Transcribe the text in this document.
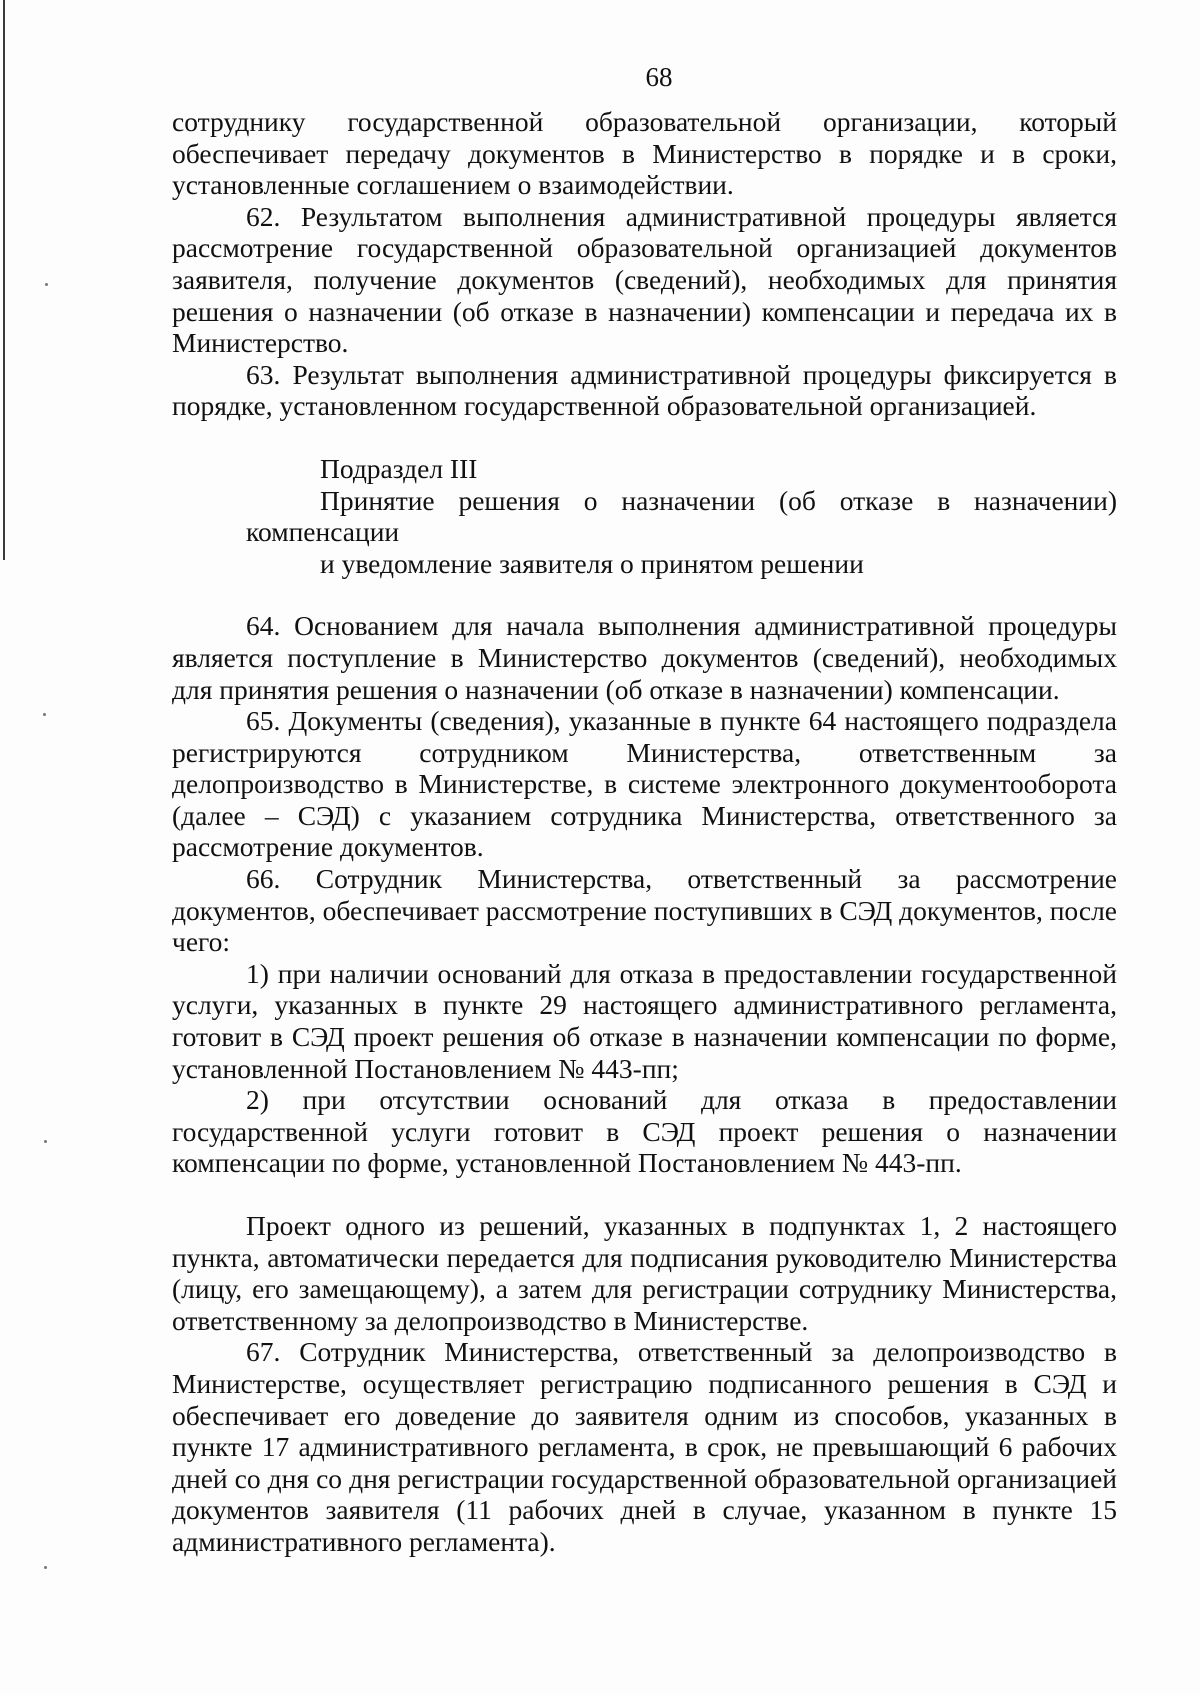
68

сотруднику государственной образовательной организации, который обеспечивает передачу документов в Министерство в порядке и в сроки, установленные соглашением о взаимодействии.

62. Результатом выполнения административной процедуры является рассмотрение государственной образовательной организацией документов заявителя, получение документов (сведений), необходимых для принятия решения о назначении (об отказе в назначении) компенсации и передача их в Министерство.

63. Результат выполнения административной процедуры фиксируется в порядке, установленном государственной образовательной организацией.

Подраздел III

Принятие решения о назначении (об отказе в назначении) компенсации

и уведомление заявителя о принятом решении

64. Основанием для начала выполнения административной процедуры является поступление в Министерство документов (сведений), необходимых для принятия решения о назначении (об отказе в назначении) компенсации.

65. Документы (сведения), указанные в пункте 64 настоящего подраздела регистрируются сотрудником Министерства, ответственным за делопроизводство в Министерстве, в системе электронного документооборота (далее – СЭД) с указанием сотрудника Министерства, ответственного за рассмотрение документов.

66. Сотрудник Министерства, ответственный за рассмотрение документов, обеспечивает рассмотрение поступивших в СЭД документов, после чего:

1) при наличии оснований для отказа в предоставлении государственной услуги, указанных в пункте 29 настоящего административного регламента, готовит в СЭД проект решения об отказе в назначении компенсации по форме, установленной Постановлением № 443-пп;

2) при отсутствии оснований для отказа в предоставлении государственной услуги готовит в СЭД проект решения о назначении компенсации по форме, установленной Постановлением № 443-пп.

Проект одного из решений, указанных в подпунктах 1, 2 настоящего пункта, автоматически передается для подписания руководителю Министерства (лицу, его замещающему), а затем для регистрации сотруднику Министерства, ответственному за делопроизводство в Министерстве.

67. Сотрудник Министерства, ответственный за делопроизводство в Министерстве, осуществляет регистрацию подписанного решения в СЭД и обеспечивает его доведение до заявителя одним из способов, указанных в пункте 17 административного регламента, в срок, не превышающий 6 рабочих дней со дня со дня регистрации государственной образовательной организацией документов заявителя (11 рабочих дней в случае, указанном в пункте 15 административного регламента).
